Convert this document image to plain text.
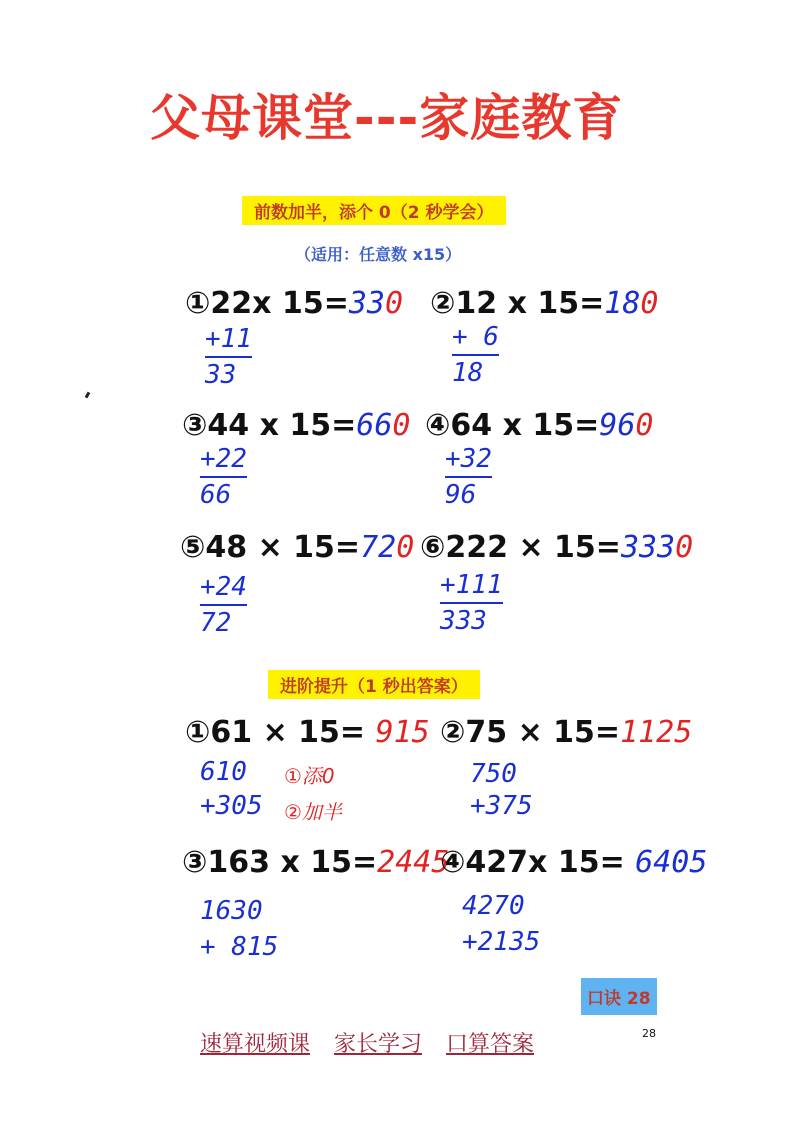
父母课堂---家庭教育
前数加半，添个 0（2 秒学会）
（适用：任意数 x15）
①22x 15=330
+11
33
②12 x 15=180
+ 6
18
③44 x 15=660
+22
66
④64 x 15=960
+32
96
⑤48 × 15=720
+24
72
⑥222 × 15=3330
+111
333
进阶提升（1 秒出答案）
①61 × 15= 915
610
+305
①添0
②加半
②75 × 15=1125
750
+375
③163 x 15=2445
1630
+ 815
④427x 15= 6405
4270
+2135
口诀 28
速算视频课 家长学习 口算答案	28
